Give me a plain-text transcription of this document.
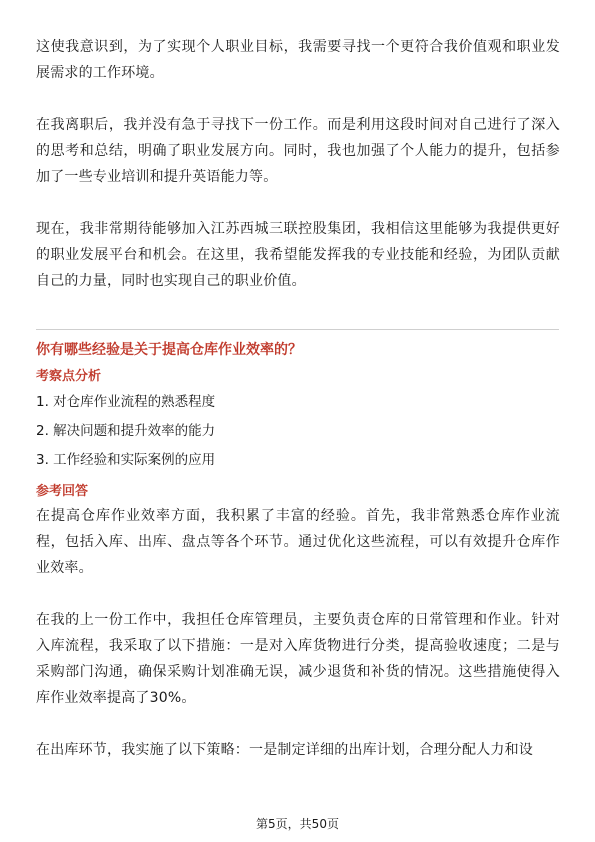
这使我意识到，为了实现个人职业目标，我需要寻找一个更符合我价值观和职业发展需求的工作环境。

在我离职后，我并没有急于寻找下一份工作。而是利用这段时间对自己进行了深入的思考和总结，明确了职业发展方向。同时，我也加强了个人能力的提升，包括参加了一些专业培训和提升英语能力等。

现在，我非常期待能够加入江苏西城三联控股集团，我相信这里能够为我提供更好的职业发展平台和机会。在这里，我希望能发挥我的专业技能和经验，为团队贡献自己的力量，同时也实现自己的职业价值。

你有哪些经验是关于提高仓库作业效率的？

考察点分析

1. 对仓库作业流程的熟悉程度

2. 解决问题和提升效率的能力

3. 工作经验和实际案例的应用

参考回答

在提高仓库作业效率方面，我积累了丰富的经验。首先，我非常熟悉仓库作业流程，包括入库、出库、盘点等各个环节。通过优化这些流程，可以有效提升仓库作业效率。

在我的上一份工作中，我担任仓库管理员，主要负责仓库的日常管理和作业。针对入库流程，我采取了以下措施：一是对入库货物进行分类，提高验收速度；二是与采购部门沟通，确保采购计划准确无误，减少退货和补货的情况。这些措施使得入库作业效率提高了30%。

在出库环节，我实施了以下策略：一是制定详细的出库计划，合理分配人力和设

第5页，共50页
